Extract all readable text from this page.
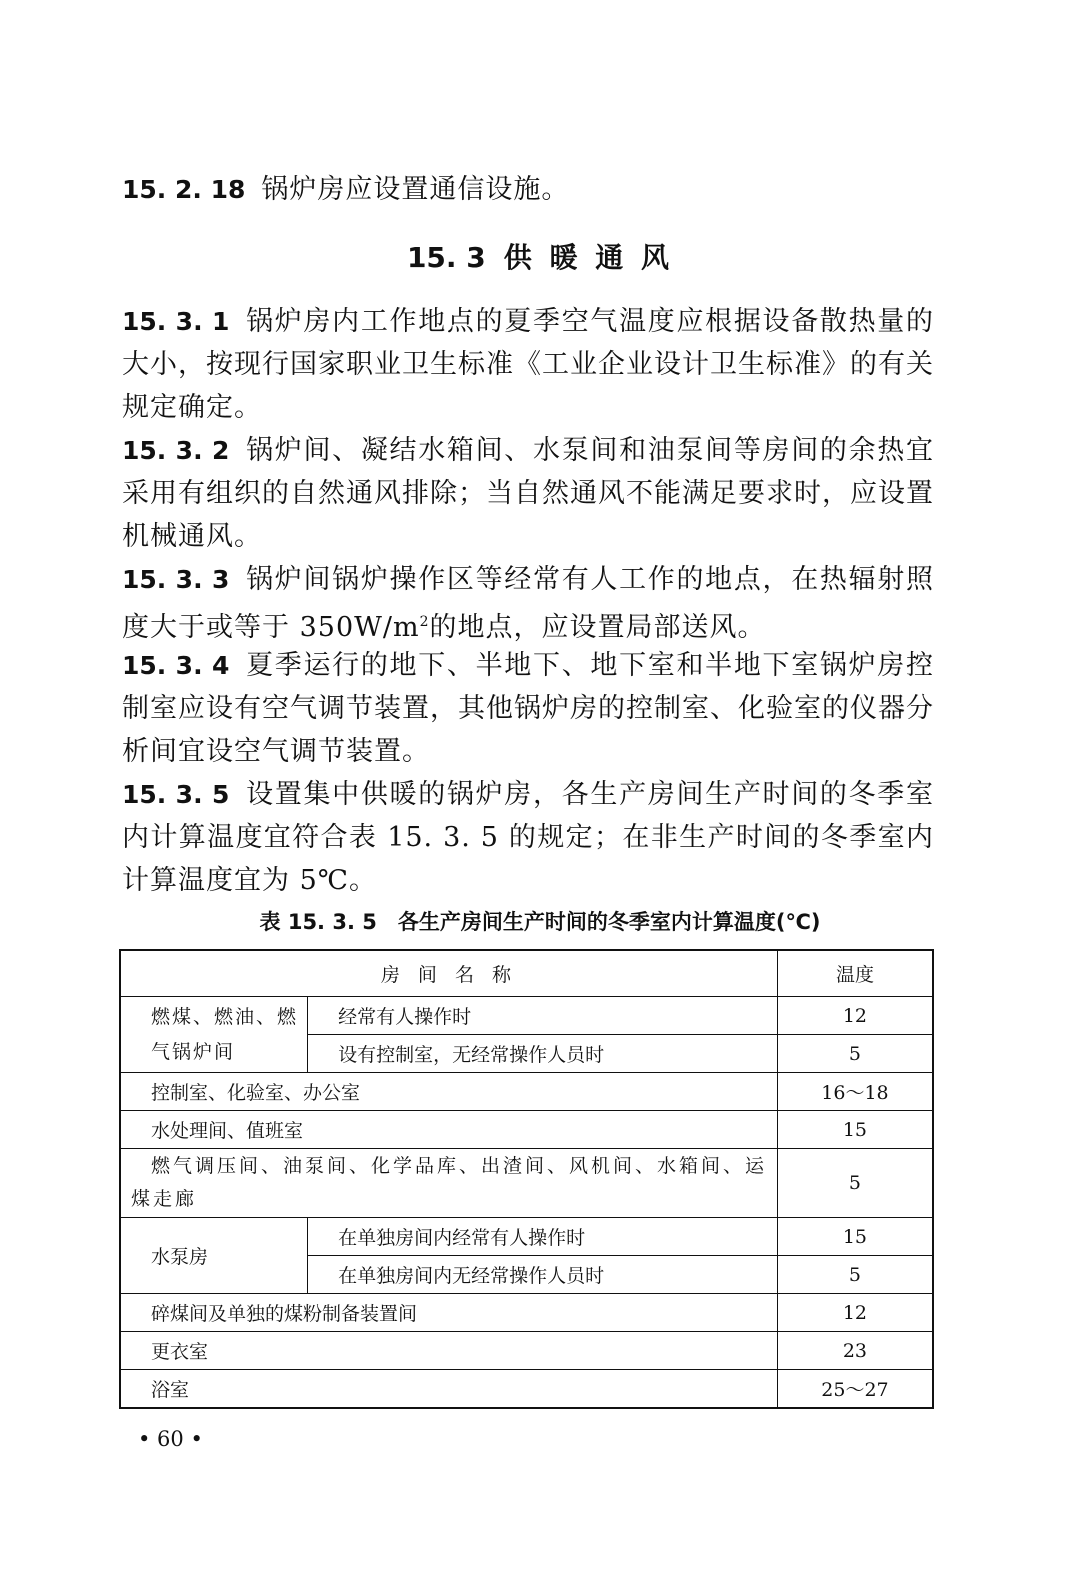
15. 2. 18 锅炉房应设置通信设施。
15. 3 供 暖 通 风
15. 3. 1 锅炉房内工作地点的夏季空气温度应根据设备散热量的大小，按现行国家职业卫生标准《工业企业设计卫生标准》的有关规定确定。
15. 3. 2 锅炉间、凝结水箱间、水泵间和油泵间等房间的余热宜采用有组织的自然通风排除；当自然通风不能满足要求时，应设置机械通风。
15. 3. 3 锅炉间锅炉操作区等经常有人工作的地点，在热辐射照度大于或等于 $350W/m^2$的地点，应设置局部送风。
15. 3. 4 夏季运行的地下、半地下、地下室和半地下室锅炉房控制室应设有空气调节装置，其他锅炉房的控制室、化验室的仪器分析间宜设空气调节装置。
15. 3. 5 设置集中供暖的锅炉房，各生产房间生产时间的冬季室内计算温度宜符合表 15. 3. 5 的规定；在非生产时间的冬季室内计算温度宜为 5℃。
表 15. 3. 5　各生产房间生产时间的冬季室内计算温度(℃)
房 间 名 称		温度
燃煤、燃油、燃气锅炉间	经常有人操作时	12
	设有控制室，无经常操作人员时	5
控制室、化验室、办公室		16～18
水处理间、值班室		15
燃气调压间、油泵间、化学品库、出渣间、风机间、水箱间、运煤走廊		5
水泵房	在单独房间内经常有人操作时	15
	在单独房间内无经常操作人员时	5
碎煤间及单独的煤粉制备装置间		12
更衣室		23
浴室		25～27
• 60 •
